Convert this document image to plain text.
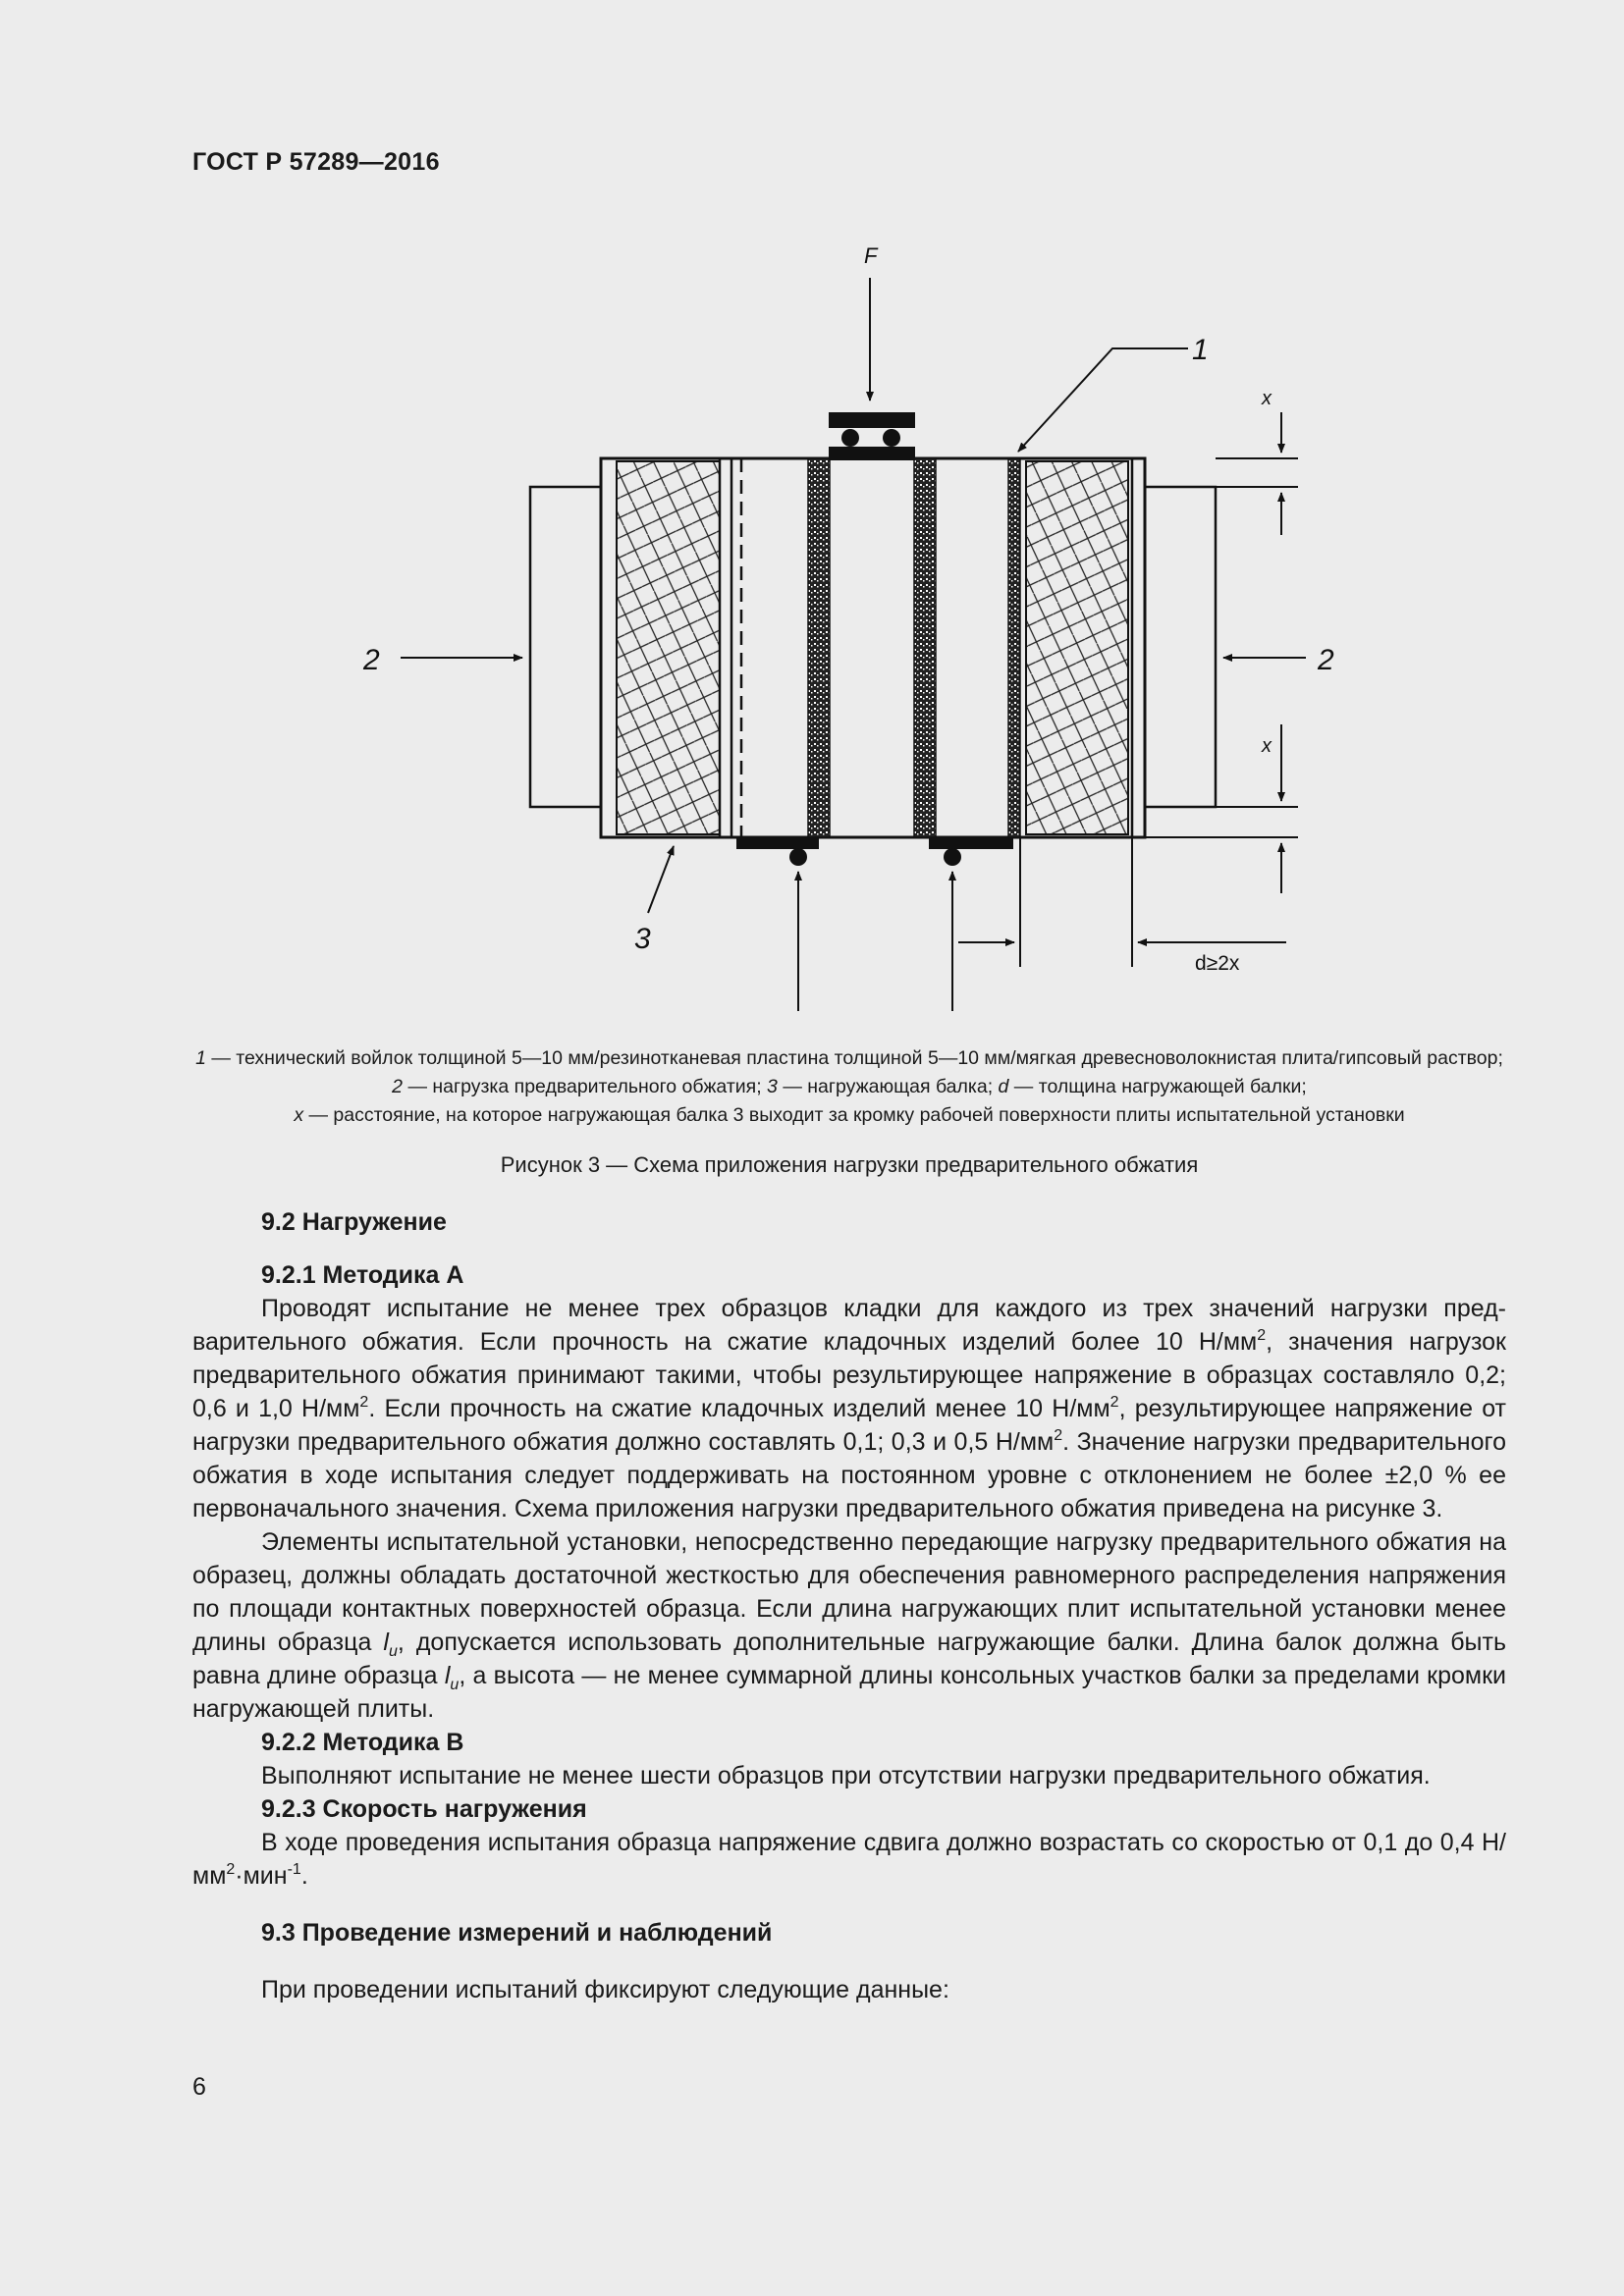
ГОСТ Р 57289—2016
F
1
2	2
3
x
x
d≥2x
1 — технический войлок толщиной 5—10 мм/резинотканевая пластина толщиной 5—10 мм/мягкая древесноволокнистая плита/гипсовый раствор; 2 — нагрузка предварительного обжатия; 3 — нагружающая балка; d — толщина нагружающей балки;
x — расстояние, на которое нагружающая балка 3 выходит за кромку рабочей поверхности плиты испытательной установки
Рисунок 3 — Схема приложения нагрузки предварительного обжатия

9.2 Нагружение

9.2.1 Методика А

Проводят испытание не менее трех образцов кладки для каждого из трех значений нагрузки предварительного обжатия. Если прочность на сжатие кладочных изделий более 10 $Н/мм^2$, значения нагрузок предварительного обжатия принимают такими, чтобы результирующее напряжение в образцах составляло 0,2; 0,6 и 1,0 $Н/мм^2$. Если прочность на сжатие кладочных изделий менее 10 $Н/мм^2$, результирующее напряжение от нагрузки предварительного обжатия должно составлять 0,1; 0,3 и 0,5 $Н/мм^2$. Значение нагрузки предварительного обжатия в ходе испытания следует поддерживать на постоянном уровне с отклонением не более ±2,0 % ее первоначального значения. Схема приложения нагрузки предварительного обжатия приведена на рисунке 3.

Элементы испытательной установки, непосредственно передающие нагрузку предварительного обжатия на образец, должны обладать достаточной жесткостью для обеспечения равномерного распределения напряжения по площади контактных поверхностей образца. Если длина нагружающих плит испытательной установки менее длины образца $l_u$, допускается использовать дополнительные нагружающие балки. Длина балок должна быть равна длине образца $l_u$, а высота — не менее суммарной длины консольных участков балки за пределами кромки нагружающей плиты.

9.2.2 Методика В

Выполняют испытание не менее шести образцов при отсутствии нагрузки предварительного обжатия.

9.2.3 Скорость нагружения

В ходе проведения испытания образца напряжение сдвига должно возрастать со скоростью от 0,1 до 0,4 $Н/мм^2\cdot мин^{-1}$.

9.3 Проведение измерений и наблюдений

При проведении испытаний фиксируют следующие данные:

6
